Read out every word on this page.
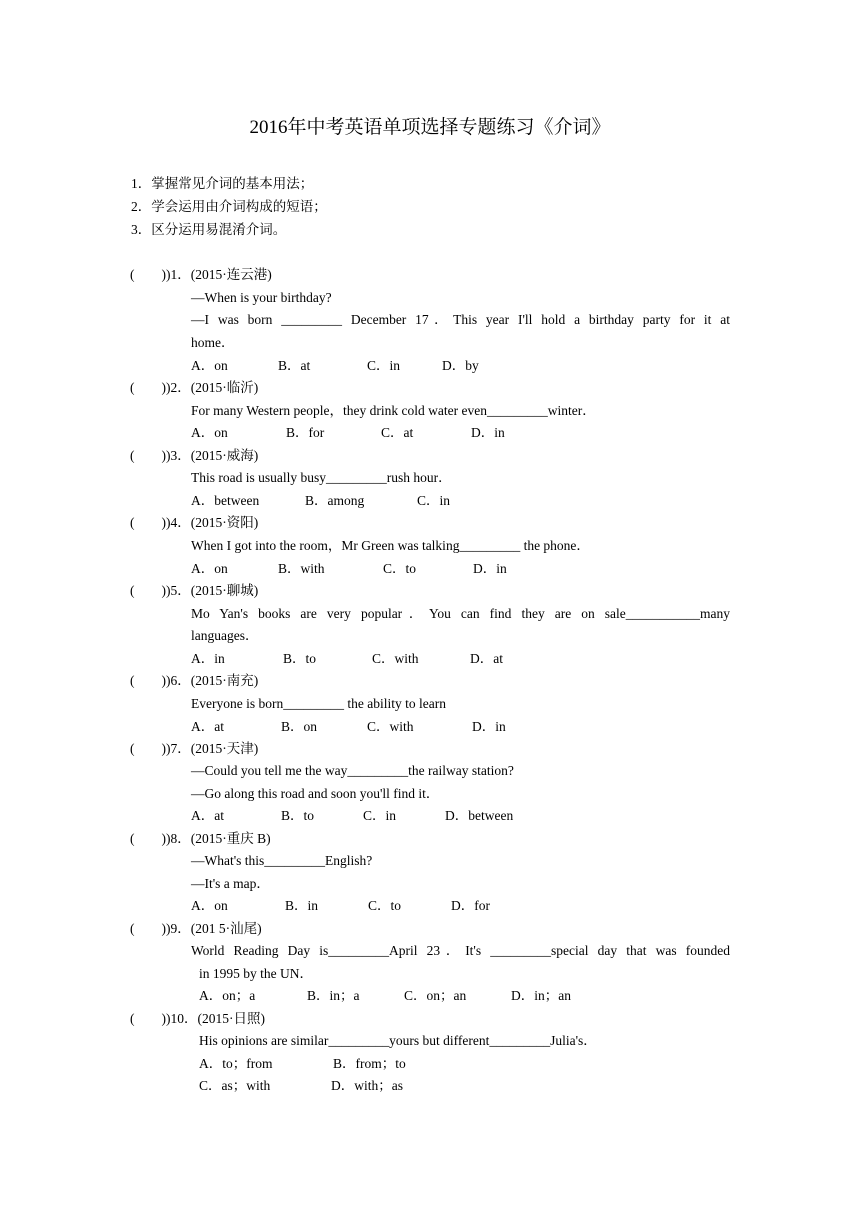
2016年中考英语单项选择专题练习《介词》
1．掌握常见介词的基本用法；
2．学会运用由介词构成的短语；
3．区分运用易混淆介词。
(　　) )1．(2015·连云港)
—When is your birthday?
—I was born _________ December 17．This year I'll hold a birthday party for it at
home．
A．on	B．at	C．in	D．by
(　　) )2．(2015·临沂)
For many Western people，they drink cold water even_________winter．
A．on	B．for	C．at	D．in
(　　) )3．(2015·威海)
This road is usually busy_________rush hour．
A．between	B．among	C．in
(　　) )4．(2015·资阳)
When I got into the room，Mr Green was talking_________ the phone．
A．on	B．with	C．to	D．in
(　　) )5．(2015·聊城)
Mo Yan's books are very popular．You can find they are on sale___________many
languages．
A．in	B．to	C．with	D．at
(　　) )6．(2015·南充)
Everyone is born_________ the ability to learn
A．at	B．on	C．with	D．in
(　　) )7．(2015·天津)
—Could you tell me the way_________the railway station?
—Go along this road and soon you'll find it．
A．at	B．to	C．in	D．between
(　　) )8．(2015·重庆 B)
—What's this_________English?
—It's a map．
A．on	B．in	C．to	D．for
(　　) )9．(201 5·汕尾)
World Reading Day is_________April 23．It's _________special day that was founded
in 1995 by the UN．
A．on；a	B．in；a	C．on；an	D．in；an
(　　) )10．(2015·日照)
His opinions are similar_________yours but different_________Julia's．
A．to；from	B．from；to
C．as；with	D．with；as
